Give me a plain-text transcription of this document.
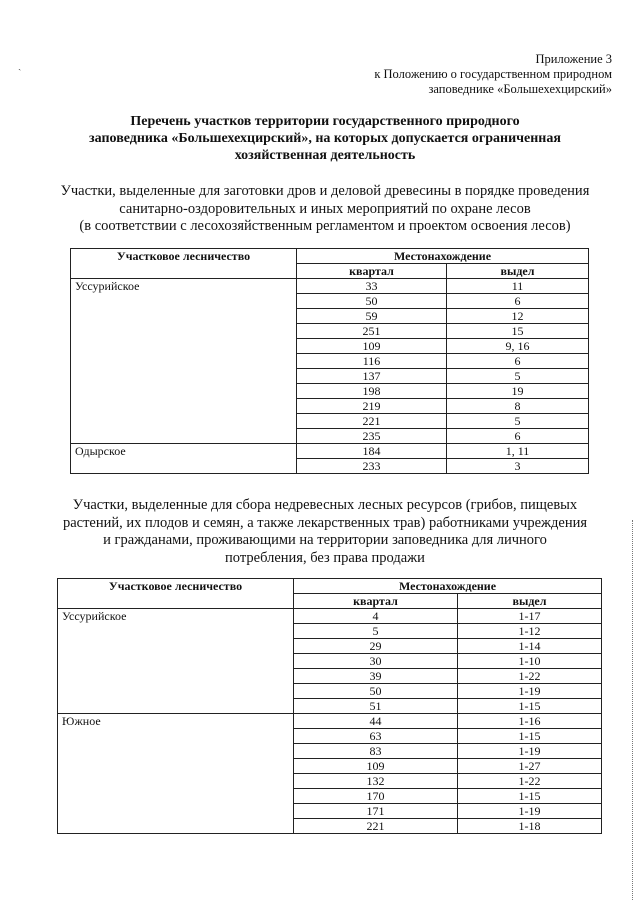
ˏ	Приложение 3
к Положению о государственном природном
заповеднике «Большехехцирский»
Перечень участков территории государственного природного
заповедника «Большехехцирский», на которых допускается ограниченная
хозяйственная деятельность
Участки, выделенные для заготовки дров и деловой древесины в порядке проведения
санитарно-оздоровительных и иных мероприятий по охране лесов
(в соответствии с лесохозяйственным регламентом и проектом освоения лесов)
Участковое лесничество	Местонахождение	
	квартал	выдел
Уссурийское	33	11
	50	6
	59	12
	251	15
	109	9, 16
	116	6
	137	5
	198	19
	219	8
	221	5
	235	6
Одырское	184	1, 11
	233	3
Участки, выделенные для сбора недревесных лесных ресурсов (грибов, пищевых
растений, их плодов и семян, а также лекарственных трав) работниками учреждения
и гражданами, проживающими на территории заповедника для личного
потребления, без права продажи
Участковое лесничество	Местонахождение	
	квартал	выдел
Уссурийское	4	1-17
	5	1-12
	29	1-14
	30	1-10
	39	1-22
	50	1-19
	51	1-15
Южное	44	1-16
	63	1-15
	83	1-19
	109	1-27
	132	1-22
	170	1-15
	171	1-19
	221	1-18
